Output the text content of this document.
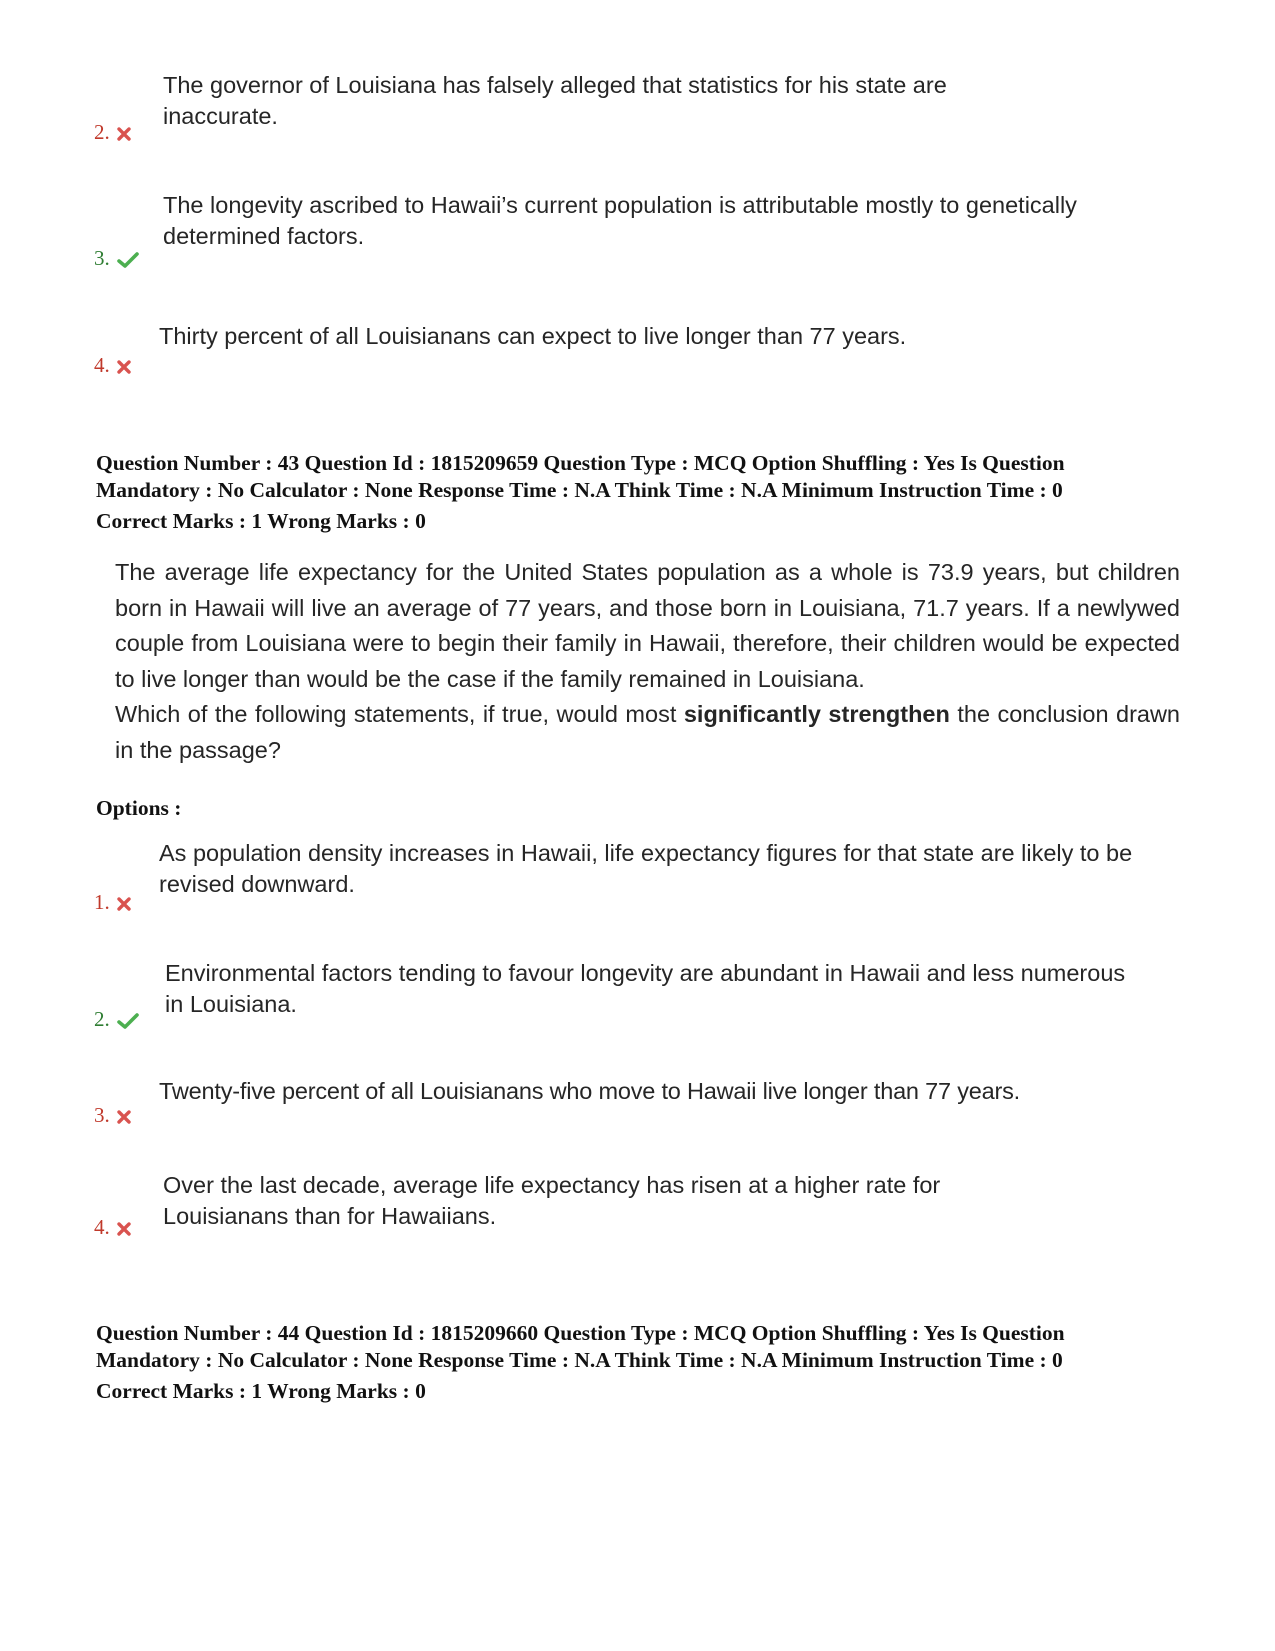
The governor of Louisiana has falsely alleged that statistics for his state are inaccurate.
2.
The longevity ascribed to Hawaii’s current population is attributable mostly to genetically determined factors.
3.
Thirty percent of all Louisianans can expect to live longer than 77 years.
4.
Question Number : 43 Question Id : 1815209659 Question Type : MCQ Option Shuffling : Yes Is Question
Mandatory : No Calculator : None Response Time : N.A Think Time : N.A Minimum Instruction Time : 0
Correct Marks : 1 Wrong Marks : 0

The average life expectancy for the United States population as a whole is 73.9 years, but children born in Hawaii will live an average of 77 years, and those born in Louisiana, 71.7 years. If a newlywed couple from Louisiana were to begin their family in Hawaii, therefore, their children would be expected to live longer than would be the case if the family remained in Louisiana.

Which of the following statements, if true, would most significantly strengthen the conclusion drawn in the passage?

Options :
As population density increases in Hawaii, life expectancy figures for that state are likely to be revised downward.
1.
Environmental factors tending to favour longevity are abundant in Hawaii and less numerous in Louisiana.
2.
Twenty-five percent of all Louisianans who move to Hawaii live longer than 77 years.
3.
Over the last decade, average life expectancy has risen at a higher rate for Louisianans than for Hawaiians.
4.
Question Number : 44 Question Id : 1815209660 Question Type : MCQ Option Shuffling : Yes Is Question
Mandatory : No Calculator : None Response Time : N.A Think Time : N.A Minimum Instruction Time : 0
Correct Marks : 1 Wrong Marks : 0
